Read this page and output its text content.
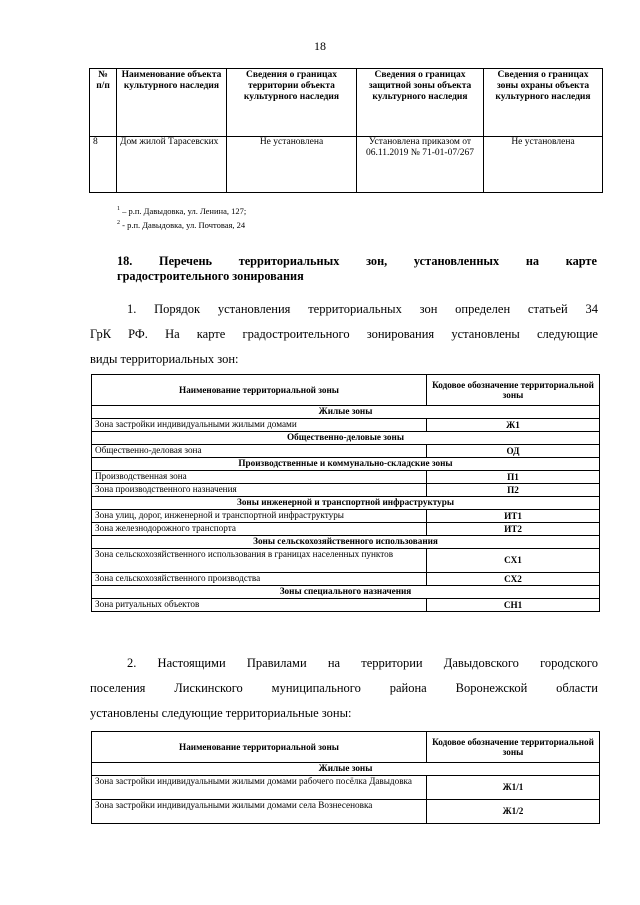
18
№ п/п	Наименование объекта культурного наследия	Сведения о границах территории объекта культурного наследия	Сведения о границах защитной зоны объекта культурного наследия	Сведения о границах зоны охраны объекта культурного наследия
8	Дом жилой Тарасевских	Не установлена	Установлена приказом от 06.11.2019 № 71-01-07/267	Не установлена
$^1$ – р.п. Давыдовка, ул. Ленина, 127;
$^2$ - р.п. Давыдовка, ул. Почтовая, 24
18. Перечень территориальных зон, установленных на карте
градостроительного зонирования
1. Порядок установления территориальных зон определен статьей 34
ГрК РФ. На карте градостроительного зонирования установлены следующие
виды территориальных зон:
Наименование территориальной зоны	Кодовое обозначение территориальной зоны
Жилые зоны	
Зона застройки индивидуальными жилыми домами	Ж1
Общественно-деловые зоны	
Общественно-деловая зона	ОД
Производственные и коммунально-складские зоны	
Производственная зона	П1
Зона производственного назначения	П2
Зоны инженерной и транспортной инфраструктуры	
Зона улиц, дорог, инженерной и транспортной инфраструктуры	ИТ1
Зона железнодорожного транспорта	ИТ2
Зоны сельскохозяйственного использования	
Зона сельскохозяйственного использования в границах населенных пунктов	СХ1
Зона сельскохозяйственного производства	СХ2
Зоны специального назначения	
Зона ритуальных объектов	СН1
2. Настоящими Правилами на территории Давыдовского городского
поселения Лискинского муниципального района Воронежской области
установлены следующие территориальные зоны:
Наименование территориальной зоны	Кодовое обозначение территориальной зоны
Жилые зоны	
Зона застройки индивидуальными жилыми домами рабочего посёлка Давыдовка	Ж1/1
Зона застройки индивидуальными жилыми домами села Вознесеновка	Ж1/2
